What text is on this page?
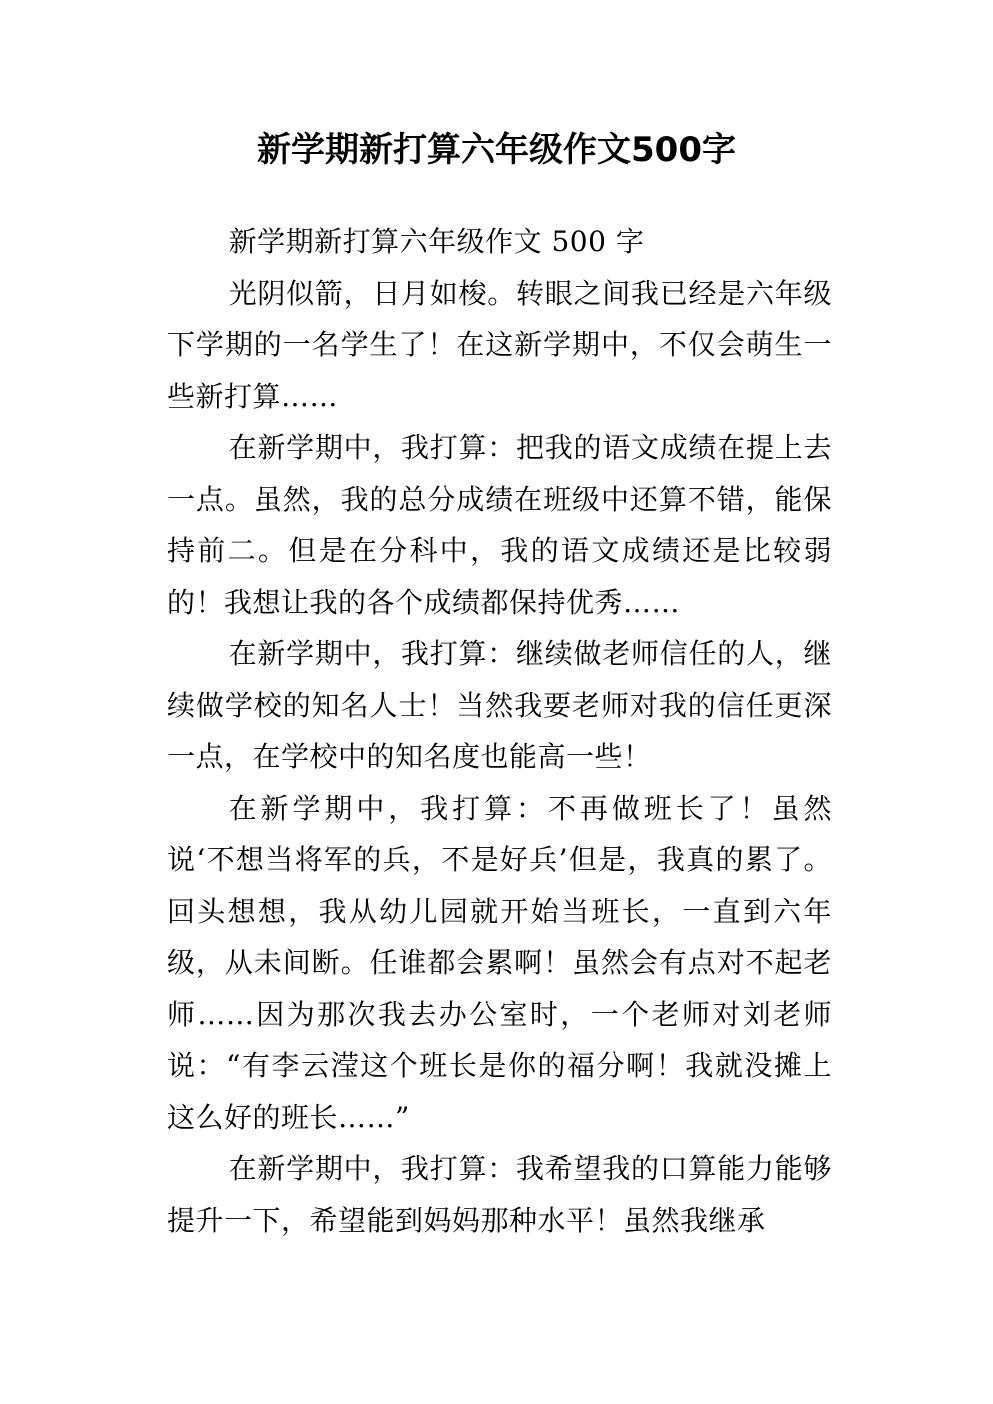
新学期新打算六年级作文500字

新学期新打算六年级作文 500 字

光阴似箭，日月如梭。转眼之间我已经是六年级下学期的一名学生了！在这新学期中，不仅会萌生一些新打算……

在新学期中，我打算：把我的语文成绩在提上去一点。虽然，我的总分成绩在班级中还算不错，能保持前二。但是在分科中，我的语文成绩还是比较弱的！我想让我的各个成绩都保持优秀……

在新学期中，我打算：继续做老师信任的人，继续做学校的知名人士！当然我要老师对我的信任更深一点，在学校中的知名度也能高一些！

在新学期中，我打算：不再做班长了！虽然说‘不想当将军的兵，不是好兵’但是，我真的累了。回头想想，我从幼儿园就开始当班长，一直到六年级，从未间断。任谁都会累啊！虽然会有点对不起老师……因为那次我去办公室时，一个老师对刘老师说：“有李云滢这个班长是你的福分啊！我就没摊上这么好的班长……”

在新学期中，我打算：我希望我的口算能力能够提升一下，希望能到妈妈那种水平！虽然我继承
